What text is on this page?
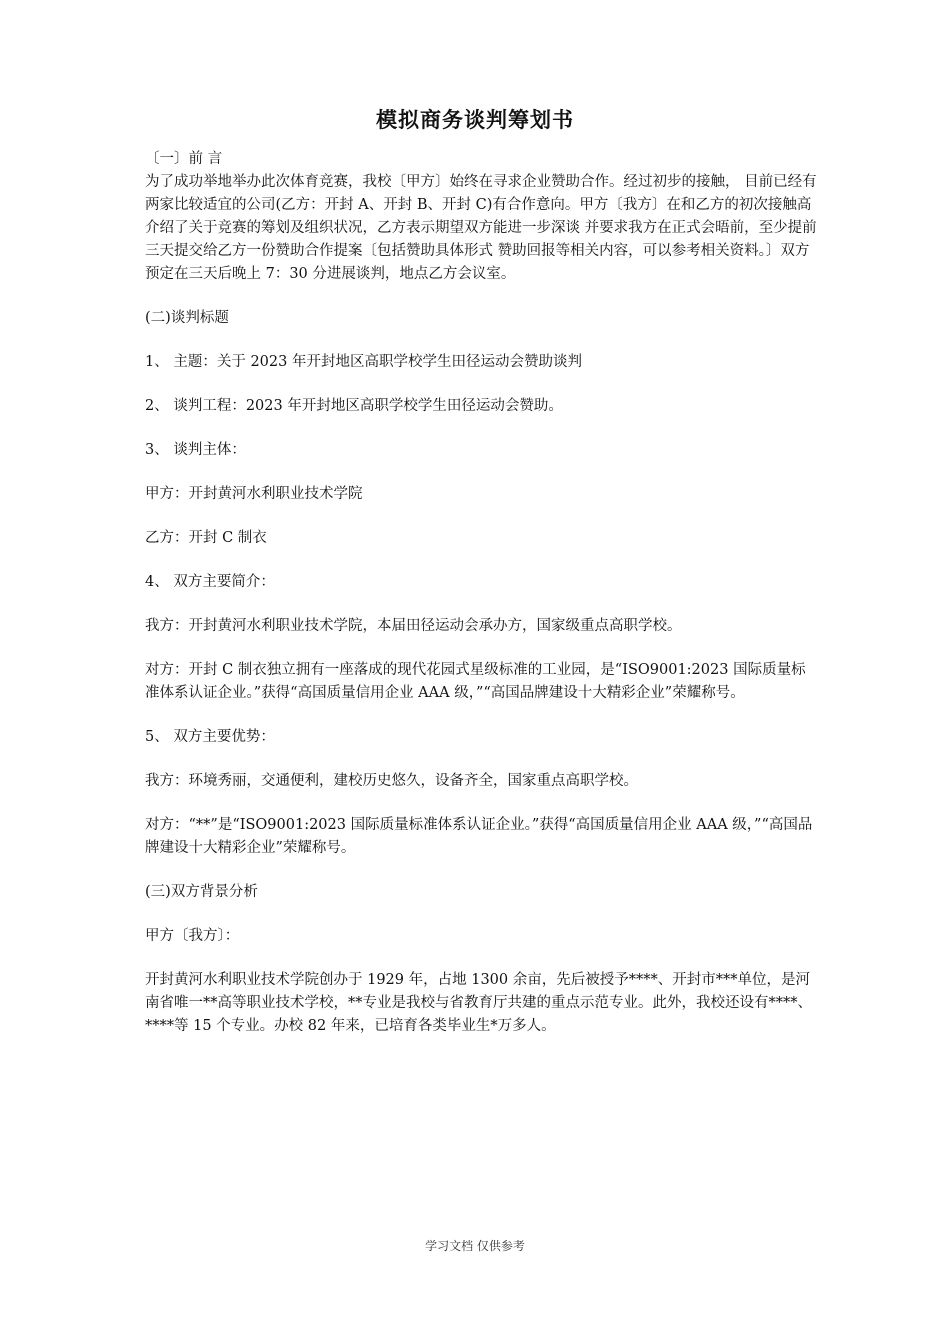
模拟商务谈判筹划书

〔一〕前 言

为了成功举地举办此次体育竞赛，我校〔甲方〕始终在寻求企业赞助合作。经过初步的接触， 目前已经有两家比较适宜的公司(乙方：开封 A、开封 B、开封 C)有合作意向。甲方〔我方〕在和乙方的初次接触高介绍了关于竞赛的筹划及组织状况，乙方表示期望双方能进一步深谈 并要求我方在正式会晤前，至少提前三天提交给乙方一份赞助合作提案〔包括赞助具体形式 赞助回报等相关内容，可以参考相关资料。〕双方预定在三天后晚上 7：30 分进展谈判，地点乙方会议室。

(二)谈判标题

1、 主题：关于 2023 年开封地区高职学校学生田径运动会赞助谈判

2、 谈判工程：2023 年开封地区高职学校学生田径运动会赞助。

3、 谈判主体：

甲方：开封黄河水利职业技术学院

乙方：开封 C 制衣

4、 双方主要简介：

我方：开封黄河水利职业技术学院，本届田径运动会承办方，国家级重点高职学校。

对方：开封 C 制衣独立拥有一座落成的现代花园式星级标准的工业园，是“ISO9001:2023 国际质量标准体系认证企业。”获得“高国质量信用企业 AAA 级，”“高国品牌建设十大精彩企业”荣耀称号。

5、 双方主要优势：

我方：环境秀丽，交通便利，建校历史悠久，设备齐全，国家重点高职学校。

对方：“**”是“ISO9001:2023 国际质量标准体系认证企业。”获得“高国质量信用企业 AAA 级，”“高国品牌建设十大精彩企业”荣耀称号。

(三)双方背景分析

甲方〔我方〕：

开封黄河水利职业技术学院创办于 1929 年，占地 1300 余亩，先后被授予****、开封市***单位，是河南省唯一**高等职业技术学校，**专业是我校与省教育厅共建的重点示范专业。此外，我校还设有****、****等 15 个专业。办校 82 年来，已培育各类毕业生*万多人。

学习文档 仅供参考
